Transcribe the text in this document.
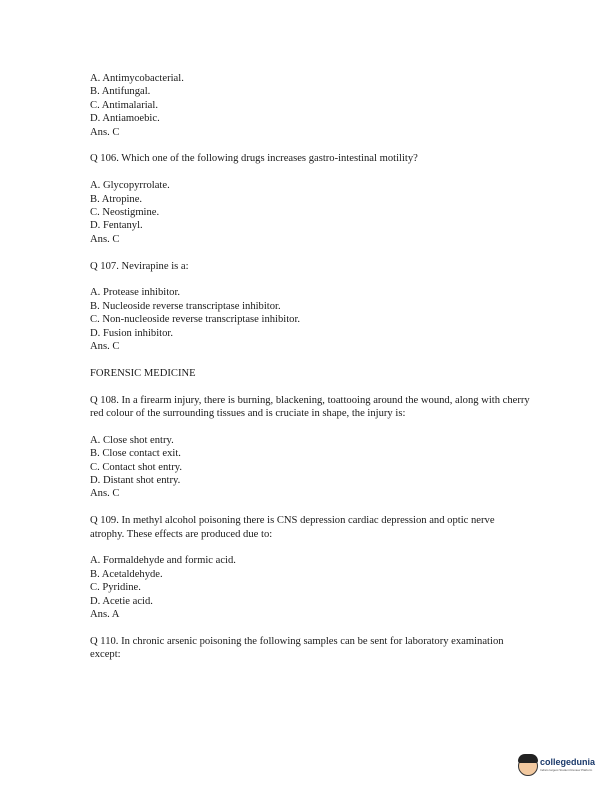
A. Antimycobacterial.
B. Antifungal.
C. Antimalarial.
D. Antiamoebic.
Ans. C
Q 106. Which one of the following drugs increases gastro-intestinal motility?
A. Glycopyrrolate.
B. Atropine.
C. Neostigmine.
D. Fentanyl.
Ans. C
Q 107. Nevirapine is a:
A. Protease inhibitor.
B. Nucleoside reverse transcriptase inhibitor.
C. Non-nucleoside reverse transcriptase inhibitor.
D. Fusion inhibitor.
Ans. C
FORENSIC MEDICINE
Q 108. In a firearm injury, there is burning, blackening, toattooing around the wound, along with cherry red colour of the surrounding tissues and is cruciate in shape, the injury is:
A. Close shot entry.
B. Close contact exit.
C. Contact shot entry.
D. Distant shot entry.
Ans. C
Q 109. In methyl alcohol poisoning there is CNS depression cardiac depression and optic nerve atrophy. These effects are produced due to:
A. Formaldehyde and formic acid.
B. Acetaldehyde.
C. Pyridine.
D. Acetie acid.
Ans. A
Q 110. In chronic arsenic poisoning the following samples can be sent for laboratory examination except:
collegedunia
India's largest Student Review Platform
